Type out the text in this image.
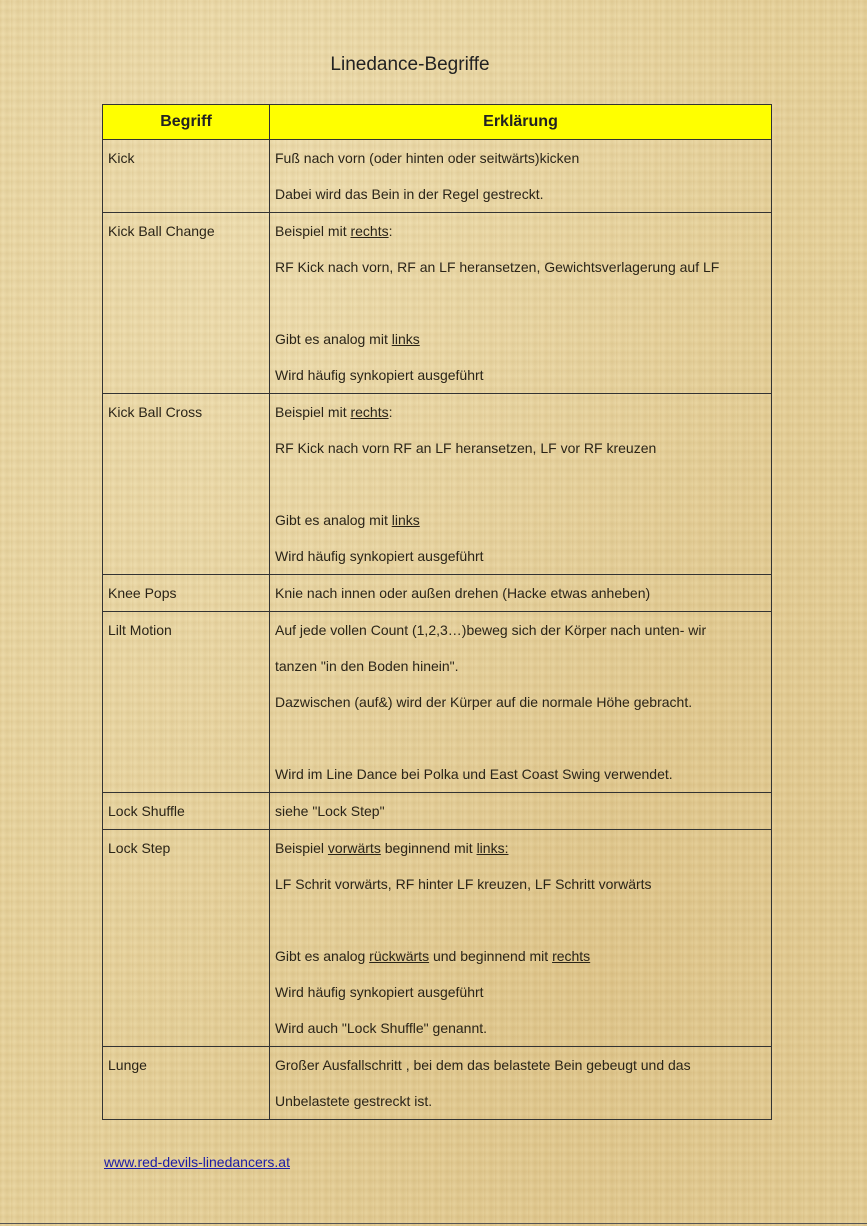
Linedance-Begriffe
Begriff	Erklärung

Kick	Fuß nach vorn (oder hinten oder seitwärts)kicken
Dabei wird das Bein in der Regel gestreckt.

Kick Ball Change	Beispiel mit rechts:
RF Kick nach vorn, RF an LF heransetzen, Gewichtsverlagerung auf LF
Gibt es analog mit links
Wird häufig synkopiert ausgeführt

Kick Ball Cross	Beispiel mit rechts:
RF Kick nach vorn RF an LF heransetzen, LF vor RF kreuzen
Gibt es analog mit links
Wird häufig synkopiert ausgeführt

Knee Pops	Knie nach innen oder außen drehen (Hacke etwas anheben)

Lilt Motion	Auf jede vollen Count (1,2,3…)beweg sich der Körper nach unten- wir
tanzen "in den Boden hinein".
Dazwischen (auf&) wird der Kürper auf die normale Höhe gebracht.
Wird im Line Dance bei Polka und East Coast Swing verwendet.

Lock Shuffle	siehe "Lock Step"

Lock Step	Beispiel vorwärts beginnend mit links:
LF Schrit vorwärts, RF hinter LF kreuzen, LF Schritt vorwärts
Gibt es analog rückwärts und beginnend mit rechts
Wird häufig synkopiert ausgeführt
Wird auch "Lock Shuffle" genannt.

Lunge	Großer Ausfallschritt , bei dem das belastete Bein gebeugt und das
Unbelastete gestreckt ist.
www.red-devils-linedancers.at
